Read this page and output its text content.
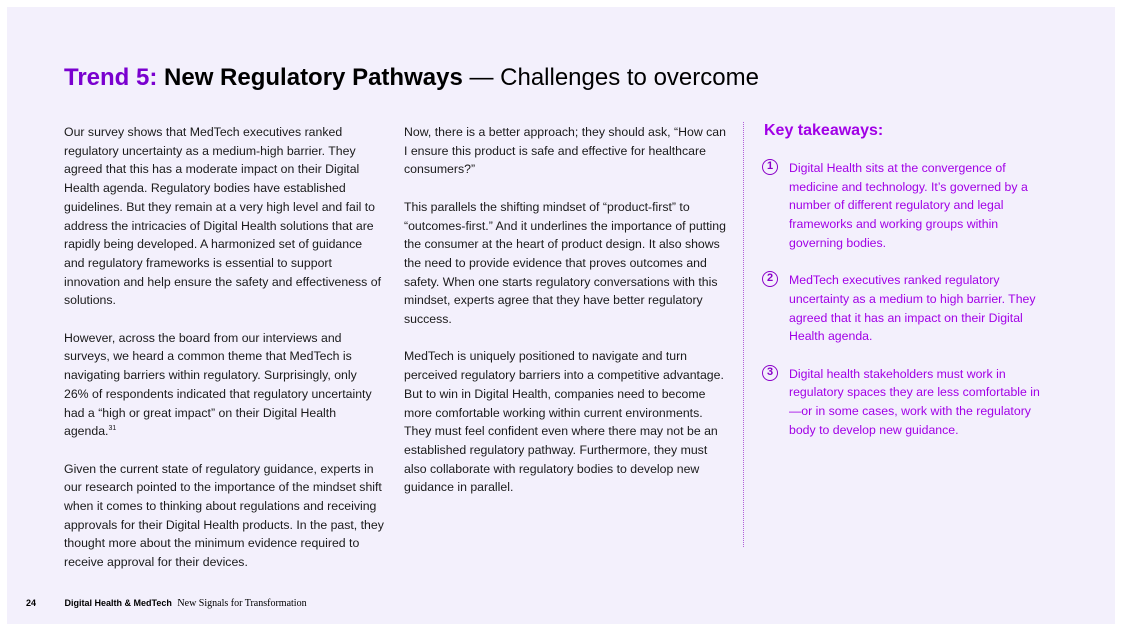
Trend 5: New Regulatory Pathways — Challenges to overcome

Our survey shows that MedTech executives ranked regulatory uncertainty as a medium-high barrier. They agreed that this has a moderate impact on their Digital Health agenda. Regulatory bodies have established guidelines. But they remain at a very high level and fail to address the intricacies of Digital Health solutions that are rapidly being developed. A harmonized set of guidance and regulatory frameworks is essential to support innovation and help ensure the safety and effectiveness of solutions.

However, across the board from our interviews and surveys, we heard a common theme that MedTech is navigating barriers within regulatory. Surprisingly, only 26% of respondents indicated that regulatory uncertainty had a “high or great impact” on their Digital Health agenda.$^{31}$

Given the current state of regulatory guidance, experts in our research pointed to the importance of the mindset shift when it comes to thinking about regulations and receiving approvals for their Digital Health products. In the past, they thought more about the minimum evidence required to receive approval for their devices.

Now, there is a better approach; they should ask, “How can I ensure this product is safe and effective for healthcare consumers?”

This parallels the shifting mindset of “product-first” to “outcomes-first.” And it underlines the importance of putting the consumer at the heart of product design. It also shows the need to provide evidence that proves outcomes and safety. When one starts regulatory conversations with this mindset, experts agree that they have better regulatory success.

MedTech is uniquely positioned to navigate and turn perceived regulatory barriers into a competitive advantage. But to win in Digital Health, companies need to become more comfortable working within current environments. They must feel confident even where there may not be an established regulatory pathway. Furthermore, they must also collaborate with regulatory bodies to develop new guidance in parallel.

Key takeaways:
1	Digital Health sits at the convergence of medicine and technology. It’s governed by a number of different regulatory and legal frameworks and working groups within governing bodies.
2	MedTech executives ranked regulatory uncertainty as a medium to high barrier. They agreed that it has an impact on their Digital Health agenda.
3	Digital health stakeholders must work in regulatory spaces they are less comfortable in—or in some cases, work with the regulatory body to develop new guidance.
24	Digital Health & MedTech New Signals for Transformation
